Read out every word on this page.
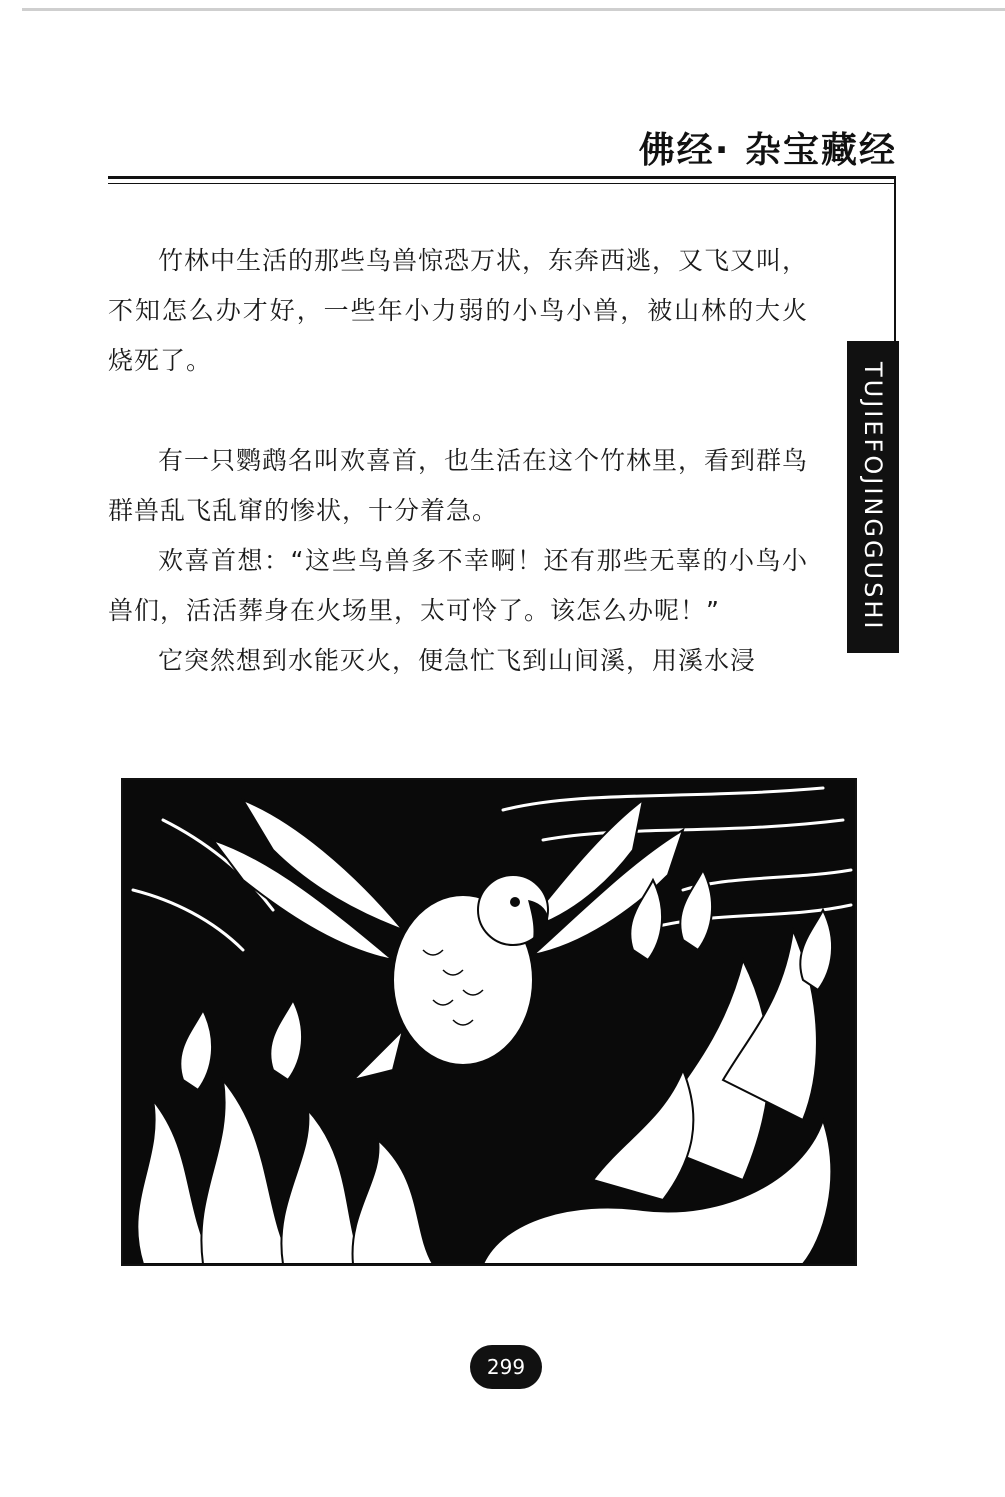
佛经· 杂宝藏经
TUJIEFOJINGGUSHI

竹林中生活的那些鸟兽惊恐万状，东奔西逃，又飞又叫，不知怎么办才好，一些年小力弱的小鸟小兽，被山林的大火烧死了。

有一只鹦鹉名叫欢喜首，也生活在这个竹林里，看到群鸟群兽乱飞乱窜的惨状，十分着急。

欢喜首想：“这些鸟兽多不幸啊！还有那些无辜的小鸟小兽们，活活葬身在火场里，太可怜了。该怎么办呢！”

它突然想到水能灭火，便急忙飞到山间溪，用溪水浸

299
